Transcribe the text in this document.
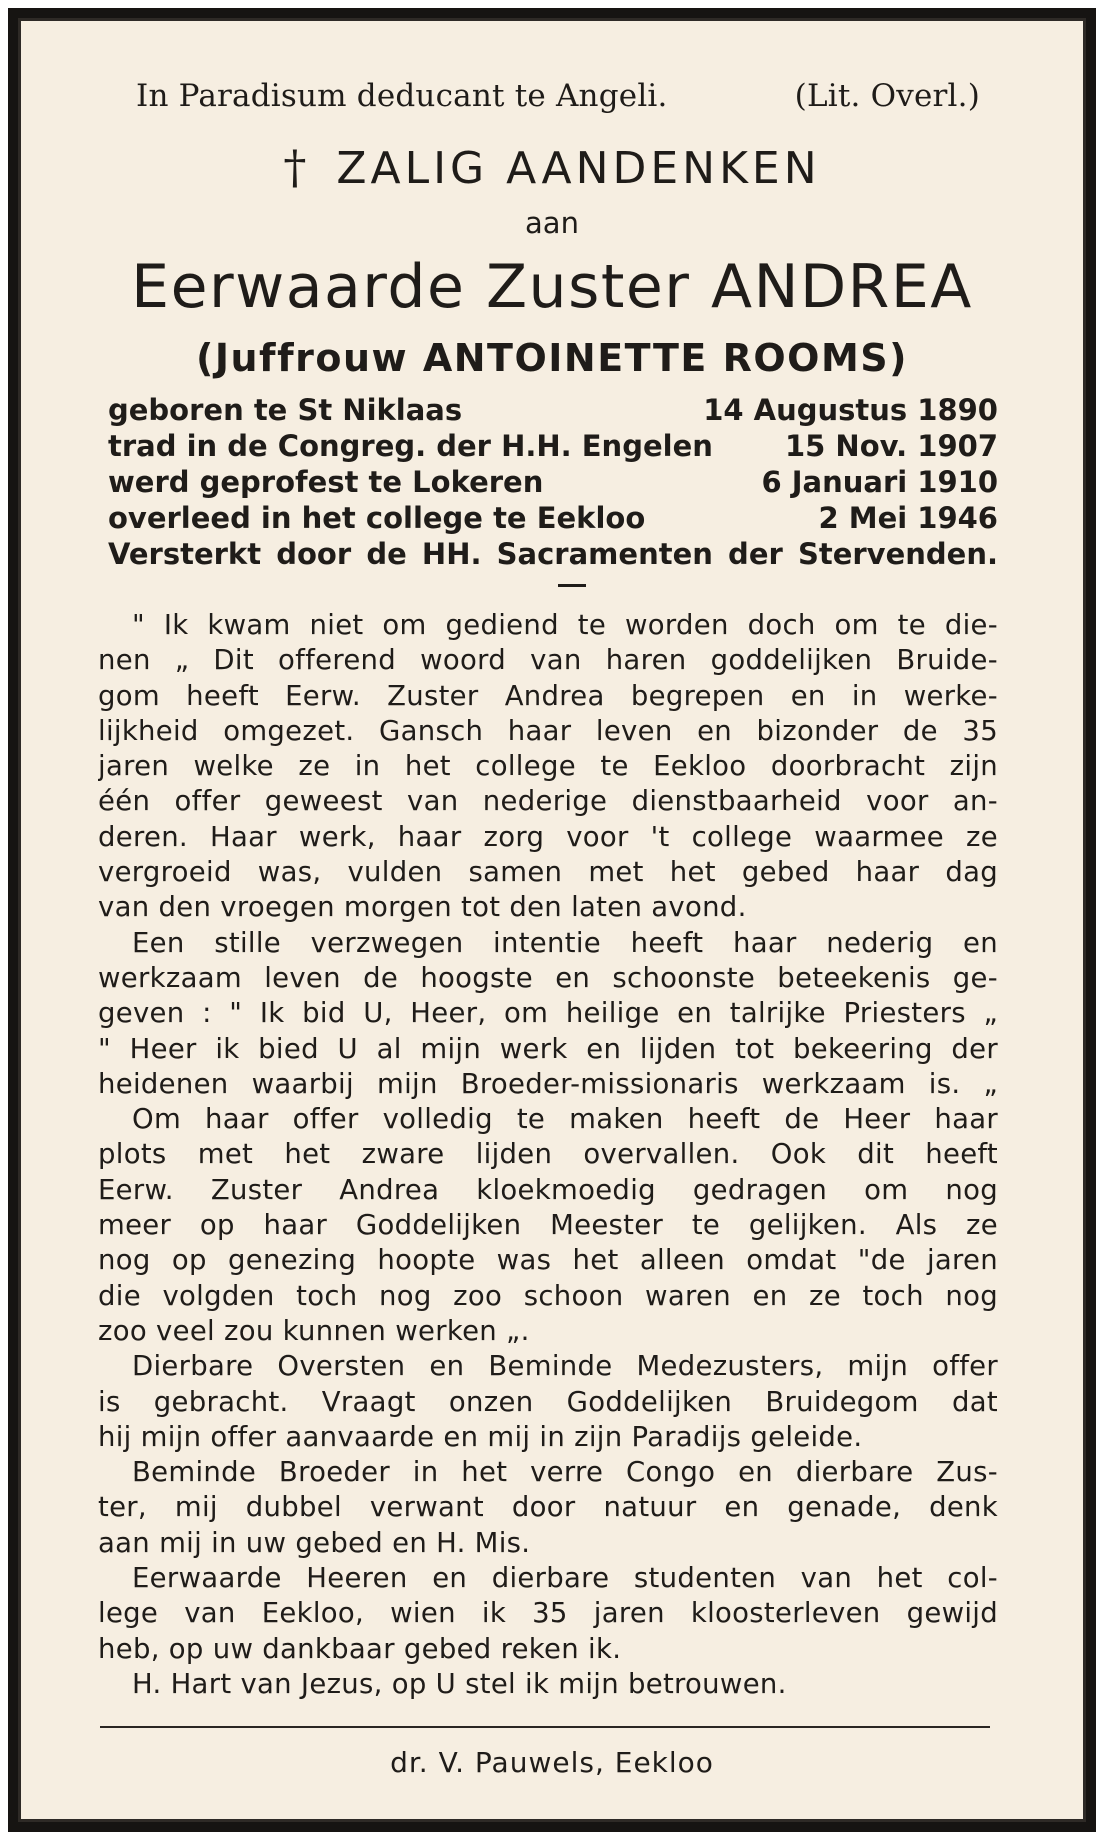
In Paradisum deducant te Angeli.	(Lit. Overl.)
† ZALIG AANDENKEN
aan
Eerwaarde Zuster ANDREA
(Juffrouw ANTOINETTE ROOMS)
geboren te St Niklaas	14 Augustus 1890
trad in de Congreg. der H.H. Engelen 15 Nov. 1907
werd geprofest te Lokeren	6 Januari 1910
overleed in het college te Eekloo	2 Mei 1946
Versterkt door de HH. Sacramenten der Stervenden.
" Ik kwam niet om gediend te worden doch om te die-
nen „ Dit offerend woord van haren goddelijken Bruide-
gom heeft Eerw. Zuster Andrea begrepen en in werke-
lijkheid omgezet. Gansch haar leven en bizonder de 35
jaren welke ze in het college te Eekloo doorbracht zijn
één offer geweest van nederige dienstbaarheid voor an-
deren. Haar werk, haar zorg voor 't college waarmee ze
vergroeid was, vulden samen met het gebed haar dag
van den vroegen morgen tot den laten avond.
Een stille verzwegen intentie heeft haar nederig en
werkzaam leven de hoogste en schoonste beteekenis ge-
geven : " Ik bid U, Heer, om heilige en talrijke Priesters „
" Heer ik bied U al mijn werk en lijden tot bekeering der
heidenen waarbij mijn Broeder-missionaris werkzaam is. „
Om haar offer volledig te maken heeft de Heer haar
plots met het zware lijden overvallen. Ook dit heeft
Eerw. Zuster Andrea kloekmoedig gedragen om nog
meer op haar Goddelijken Meester te gelijken. Als ze
nog op genezing hoopte was het alleen omdat "de jaren
die volgden toch nog zoo schoon waren en ze toch nog
zoo veel zou kunnen werken „.
Dierbare Oversten en Beminde Medezusters, mijn offer
is gebracht. Vraagt onzen Goddelijken Bruidegom dat
hij mijn offer aanvaarde en mij in zijn Paradijs geleide.
Beminde Broeder in het verre Congo en dierbare Zus-
ter, mij dubbel verwant door natuur en genade, denk
aan mij in uw gebed en H. Mis.
Eerwaarde Heeren en dierbare studenten van het col-
lege van Eekloo, wien ik 35 jaren kloosterleven gewijd
heb, op uw dankbaar gebed reken ik.
H. Hart van Jezus, op U stel ik mijn betrouwen.
dr. V. Pauwels, Eekloo
